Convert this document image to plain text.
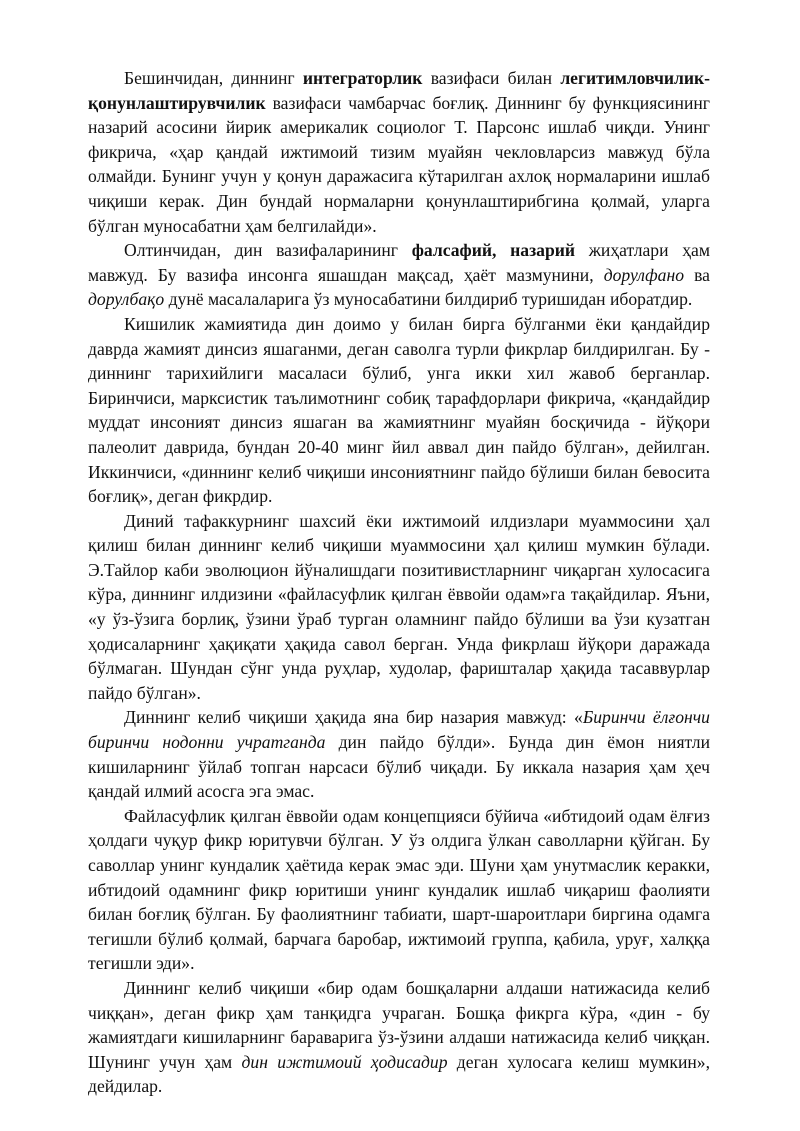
Бешинчидан, диннинг интеграторлик вазифаси билан легитимловчилик-қонунлаштирувчилик вазифаси чамбарчас боғлиқ. Диннинг бу функциясининг назарий асосини йирик америкалик социолог Т. Парсонс ишлаб чиқди. Унинг фикрича, «ҳар қандай ижтимоий тизим муайян чекловларсиз мавжуд бўла олмайди. Бунинг учун у қонун даражасига кўтарилган ахлоқ нормаларини ишлаб чиқиши керак. Дин бундай нормаларни қонунлаштирибгина қолмай, уларга бўлган муносабатни ҳам белгилайди».

Олтинчидан, дин вазифаларининг фалсафий, назарий жиҳатлари ҳам мавжуд. Бу вазифа инсонга яшашдан мақсад, ҳаёт мазмунини, дорулфано ва дорулбақо дунё масалаларига ўз муносабатини билдириб туришидан иборатдир.

Кишилик жамиятида дин доимо у билан бирга бўлганми ёки қандайдир даврда жамият динсиз яшаганми, деган саволга турли фикрлар билдирилган. Бу - диннинг тарихийлиги масаласи бўлиб, унга икки хил жавоб берганлар. Биринчиси, марксистик таълимотнинг собиқ тарафдорлари фикрича, «қандайдир муддат инсоният динсиз яшаган ва жамиятнинг муайян босқичида - йўқори палеолит даврида, бундан 20-40 минг йил аввал дин пайдо бўлган», дейилган. Иккинчиси, «диннинг келиб чиқиши инсониятнинг пайдо бўлиши билан бевосита боғлиқ», деган фикрдир.

Диний тафаккурнинг шахсий ёки ижтимоий илдизлари муаммосини ҳал қилиш билан диннинг келиб чиқиши муаммосини ҳал қилиш мумкин бўлади. Э.Тайлор каби эволюцион йўналишдаги позитивистларнинг чиқарган хулосасига кўра, диннинг илдизини «файласуфлик қилган ёввойи одам»га тақайдилар. Яъни, «у ўз-ўзига борлиқ, ўзини ўраб турган оламнинг пайдо бўлиши ва ўзи кузатган ҳодисаларнинг ҳақиқати ҳақида савол берган. Унда фикрлаш йўқори даражада бўлмаган. Шундан сўнг унда руҳлар, худолар, фаришталар ҳақида тасаввурлар пайдо бўлган».

Диннинг келиб чиқиши ҳақида яна бир назария мавжуд: «Биринчи ёлғончи биринчи нодонни учратганда дин пайдо бўлди». Бунда дин ёмон ниятли кишиларнинг ўйлаб топган нарсаси бўлиб чиқади. Бу иккала назария ҳам ҳеч қандай илмий асосга эга эмас.

Файласуфлик қилган ёввойи одам концепцияси бўйича «ибтидоий одам ёлғиз ҳолдаги чуқур фикр юритувчи бўлган. У ўз олдига ўлкан саволларни қўйган. Бу саволлар унинг кундалик ҳаётида керак эмас эди. Шуни ҳам унутмаслик керакки, ибтидоий одамнинг фикр юритиши унинг кундалик ишлаб чиқариш фаолияти билан боғлиқ бўлган. Бу фаолиятнинг табиати, шарт-шароитлари биргина одамга тегишли бўлиб қолмай, барчага баробар, ижтимоий группа, қабила, уруғ, халққа тегишли эди».

Диннинг келиб чиқиши «бир одам бошқаларни алдаши натижасида келиб чиққан», деган фикр ҳам танқидга учраган. Бошқа фикрга кўра, «дин - бу жамиятдаги кишиларнинг бараварига ўз-ўзини алдаши натижасида келиб чиққан. Шунинг учун ҳам дин ижтимоий ҳодисадир деган хулосага келиш мумкин», дейдилар.
